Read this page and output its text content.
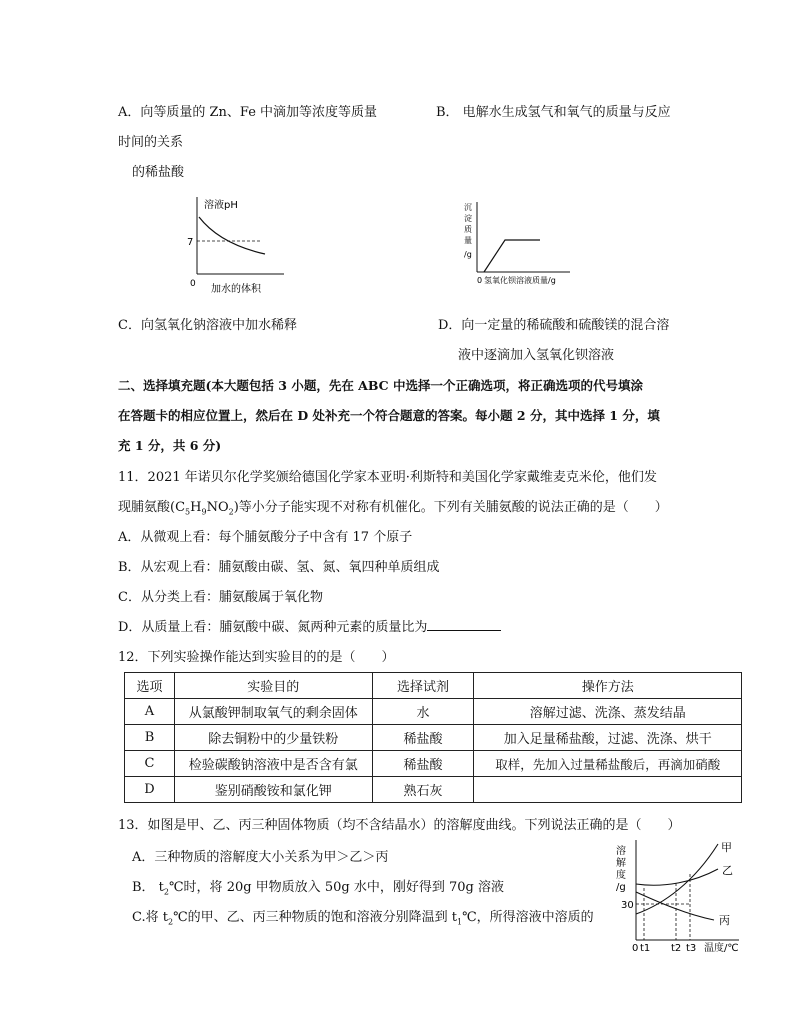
A．向等质量的 Zn、Fe 中滴加等浓度等质量	B． 电解水生成氢气和氧气的质量与反应
时间的关系
的稀盐酸
溶液pH
7
0 加水的体积
沉
淀
质
量
/g
0 氢氧化钡溶液质量/g
C．向氢氧化钠溶液中加水稀释	D．向一定量的稀硫酸和硫酸镁的混合溶
液中逐滴加入氢氧化钡溶液
二、选择填充题(本大题包括 3 小题，先在 ABC 中选择一个正确选项，将正确选项的代号填涂
在答题卡的相应位置上，然后在 D 处补充一个符合题意的答案。每小题 2 分，其中选择 1 分，填
充 1 分，共 6 分)
11．2021 年诺贝尔化学奖颁给德国化学家本亚明·利斯特和美国化学家戴维麦克米伦，他们发
现脯氨酸$(C_5H_9NO_2)$等小分子能实现不对称有机催化。下列有关脯氨酸的说法正确的是（　　）
A．从微观上看：每个脯氨酸分子中含有 17 个原子
B．从宏观上看：脯氨酸由碳、氢、氮、氧四种单质组成
C．从分类上看：脯氨酸属于氧化物
D．从质量上看：脯氨酸中碳、氮两种元素的质量比为
12．下列实验操作能达到实验目的的是（　　）
选项	实验目的	选择试剂	操作方法
A	从氯酸钾制取氧气的剩余固体	水	溶解过滤、洗涤、蒸发结晶
B	除去铜粉中的少量铁粉	稀盐酸	加入足量稀盐酸，过滤、洗涤、烘干
C	检验碳酸钠溶液中是否含有氯	稀盐酸	取样，先加入过量稀盐酸后，再滴加硝酸
D	鉴别硝酸铵和氯化钾	熟石灰	
13．如图是甲、乙、丙三种固体物质（均不含结晶水）的溶解度曲线。下列说法正确的是（　　）
A．三种物质的溶解度大小关系为甲＞乙＞丙
B． $t_2℃$时，将 20g 甲物质放入 50g 水中，刚好得到 70g 溶液
C.将 $t_2℃$的甲、乙、丙三种物质的饱和溶液分别降温到 $t_1℃$，所得溶液中溶质的
溶
解
度
/g
30
0 t1 t2 t3 温度/℃
甲
乙
丙
